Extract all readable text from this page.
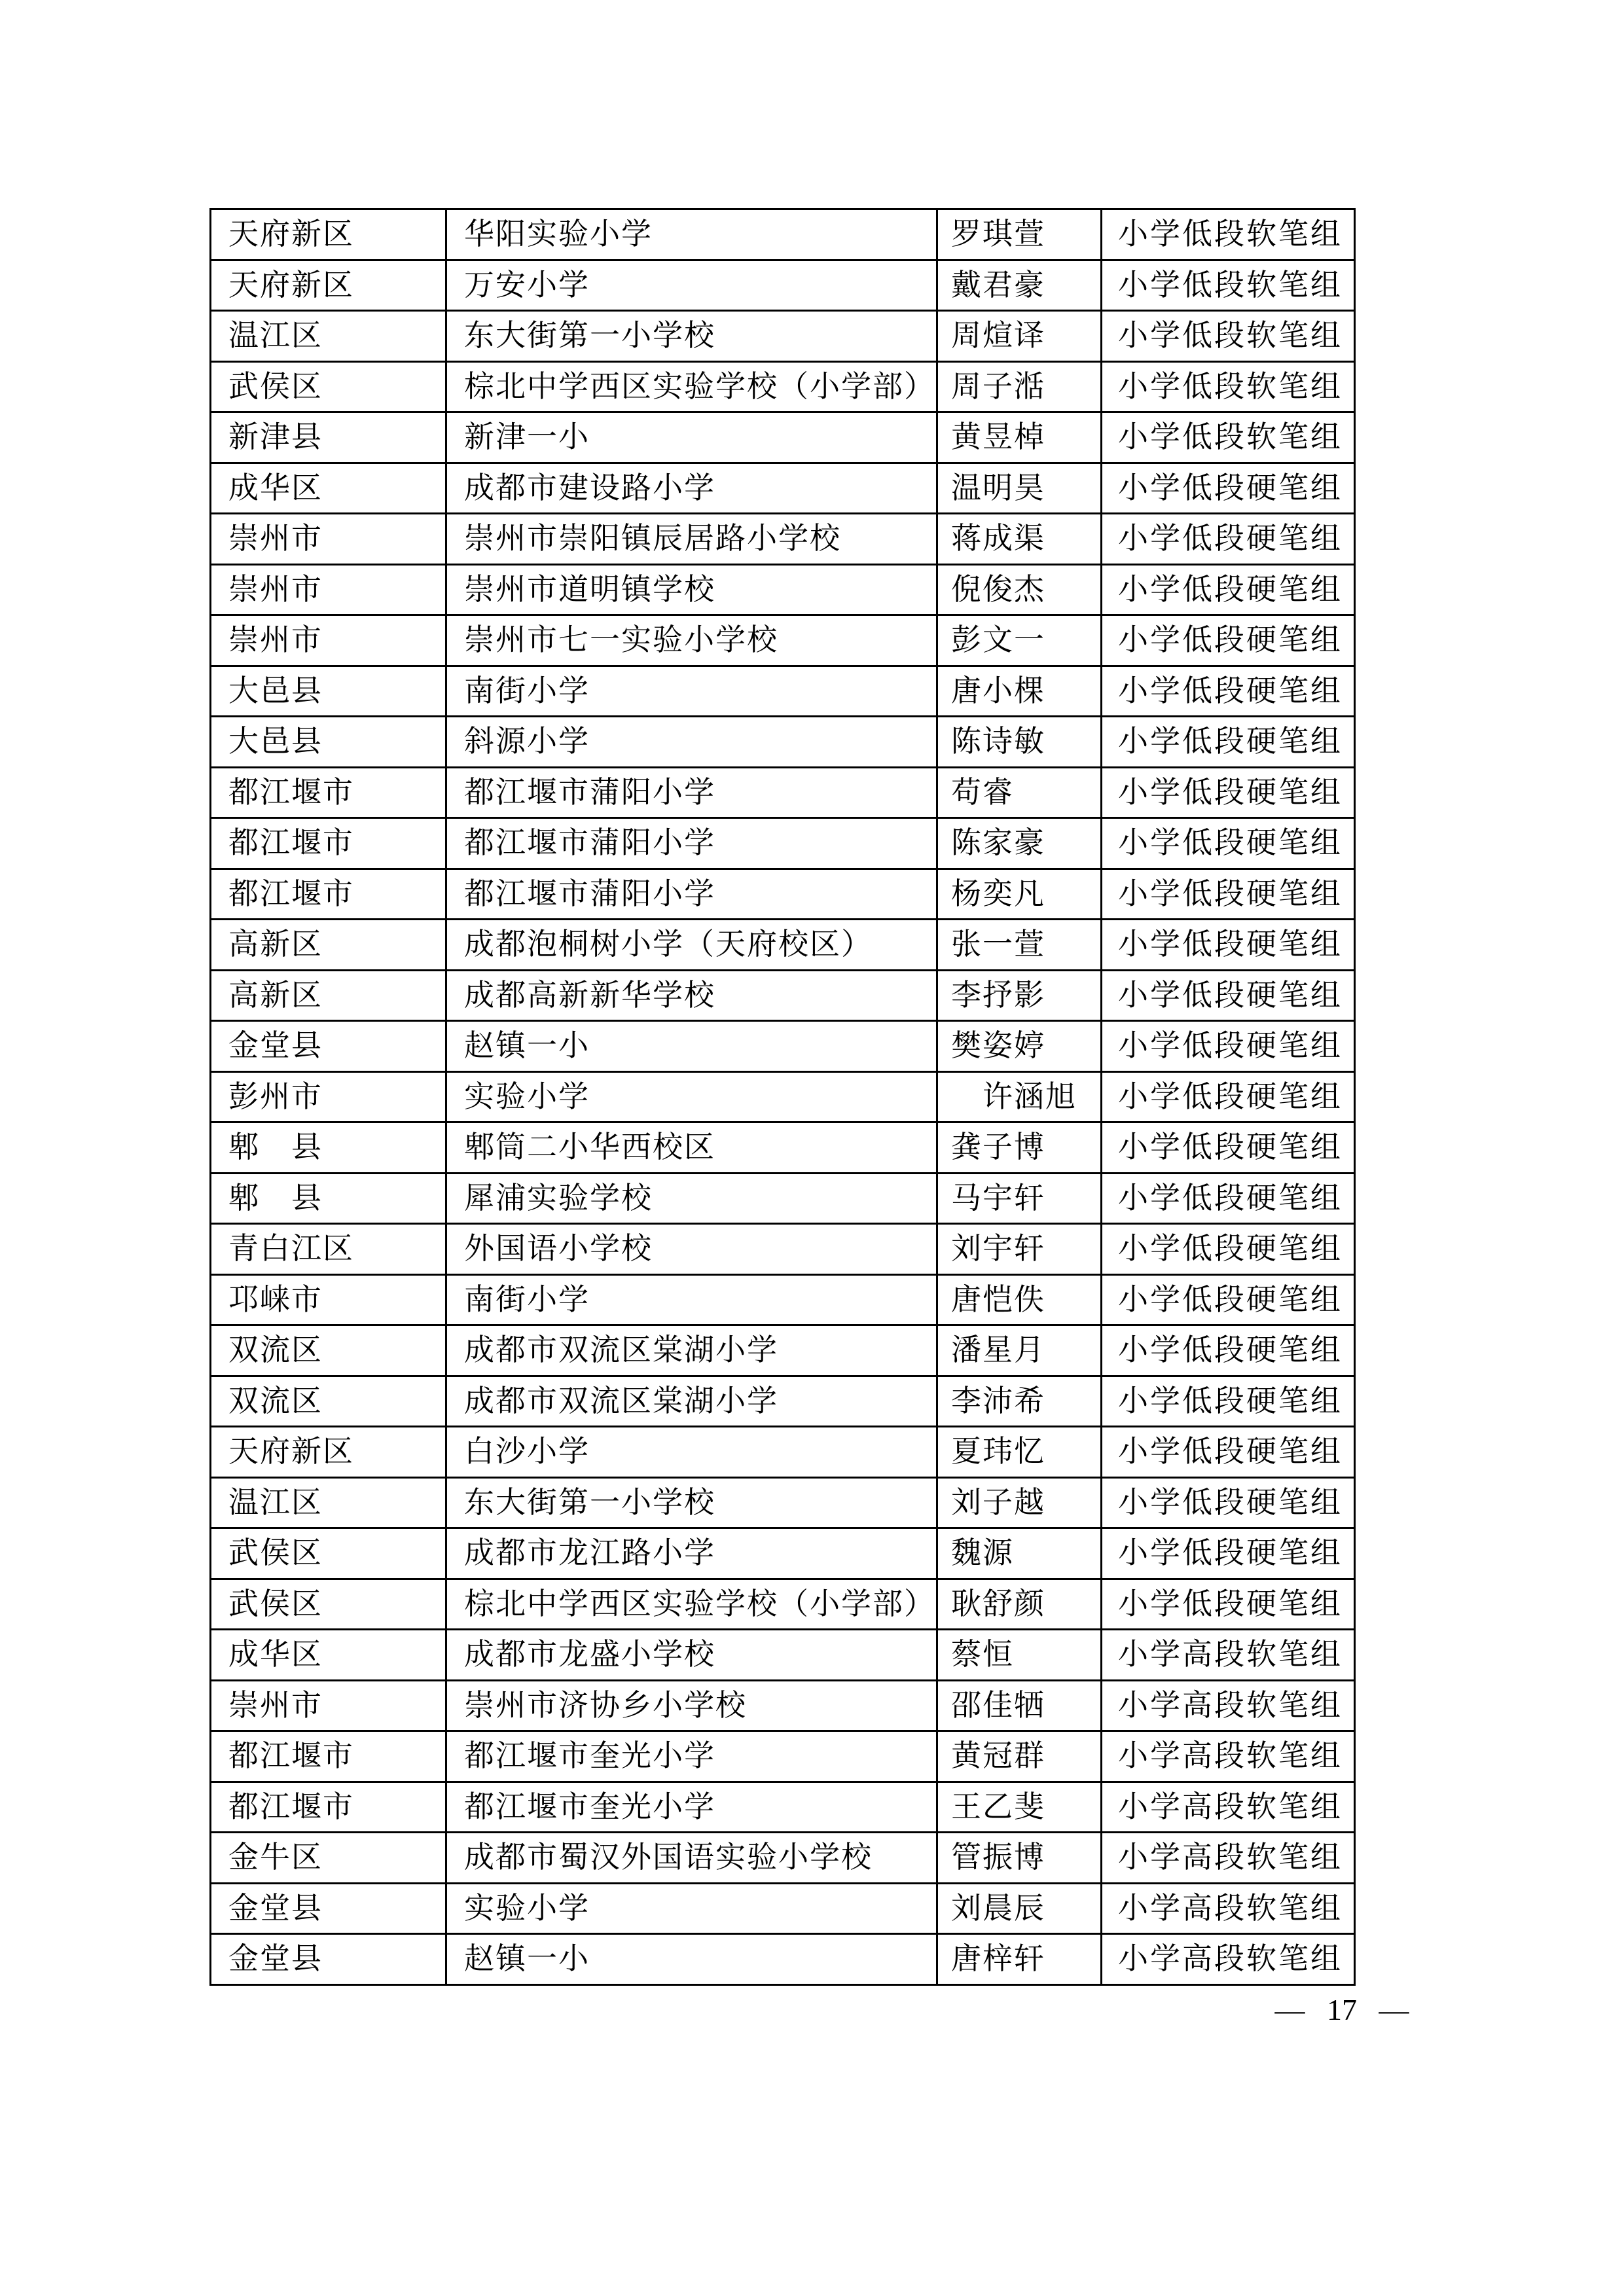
天府新区	华阳实验小学	罗琪萱	小学低段软笔组
天府新区	万安小学	戴君豪	小学低段软笔组
温江区	东大街第一小学校	周煊译	小学低段软笔组
武侯区	棕北中学西区实验学校（小学部）	周子湉	小学低段软笔组
新津县	新津一小	黄昱棹	小学低段软笔组
成华区	成都市建设路小学	温明昊	小学低段硬笔组
崇州市	崇州市崇阳镇辰居路小学校	蒋成渠	小学低段硬笔组
崇州市	崇州市道明镇学校	倪俊杰	小学低段硬笔组
崇州市	崇州市七一实验小学校	彭文一	小学低段硬笔组
大邑县	南街小学	唐小棵	小学低段硬笔组
大邑县	斜源小学	陈诗敏	小学低段硬笔组
都江堰市	都江堰市蒲阳小学	苟睿	小学低段硬笔组
都江堰市	都江堰市蒲阳小学	陈家豪	小学低段硬笔组
都江堰市	都江堰市蒲阳小学	杨奕凡	小学低段硬笔组
高新区	成都泡桐树小学（天府校区）	张一萱	小学低段硬笔组
高新区	成都高新新华学校	李抒影	小学低段硬笔组
金堂县	赵镇一小	樊姿婷	小学低段硬笔组
彭州市	实验小学	　许涵旭	小学低段硬笔组
郫　县	郫筒二小华西校区	龚子博	小学低段硬笔组
郫　县	犀浦实验学校	马宇轩	小学低段硬笔组
青白江区	外国语小学校	刘宇轩	小学低段硬笔组
邛崃市	南街小学	唐恺佚	小学低段硬笔组
双流区	成都市双流区棠湖小学	潘星月	小学低段硬笔组
双流区	成都市双流区棠湖小学	李沛希	小学低段硬笔组
天府新区	白沙小学	夏玮忆	小学低段硬笔组
温江区	东大街第一小学校	刘子越	小学低段硬笔组
武侯区	成都市龙江路小学	魏源	小学低段硬笔组
武侯区	棕北中学西区实验学校（小学部）	耿舒颜	小学低段硬笔组
成华区	成都市龙盛小学校	蔡恒	小学高段软笔组
崇州市	崇州市济协乡小学校	邵佳牺	小学高段软笔组
都江堰市	都江堰市奎光小学	黄冠群	小学高段软笔组
都江堰市	都江堰市奎光小学	王乙斐	小学高段软笔组
金牛区	成都市蜀汉外国语实验小学校	管振博	小学高段软笔组
金堂县	实验小学	刘晨辰	小学高段软笔组
金堂县	赵镇一小	唐梓轩	小学高段软笔组
— 17 —
